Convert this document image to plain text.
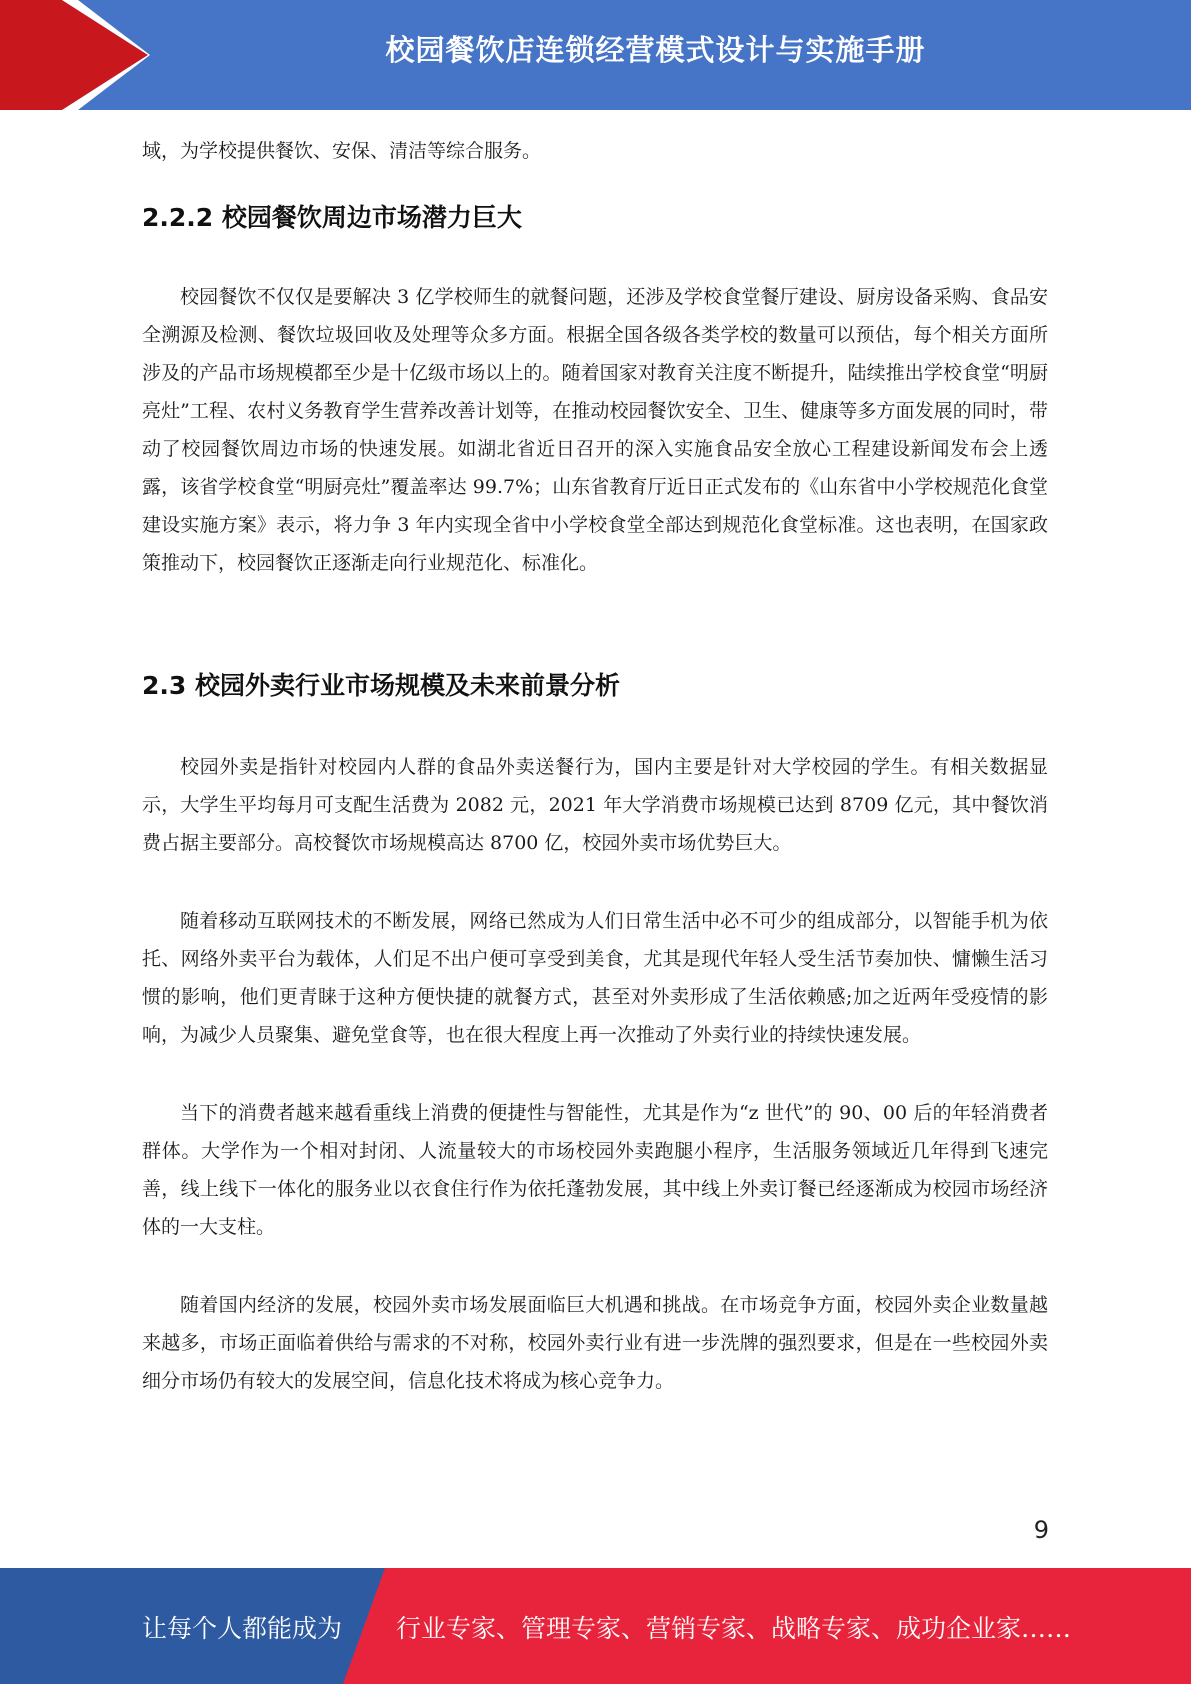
校园餐饮店连锁经营模式设计与实施手册

域，为学校提供餐饮、安保、清洁等综合服务。

2.2.2 校园餐饮周边市场潜力巨大

校园餐饮不仅仅是要解决 3 亿学校师生的就餐问题，还涉及学校食堂餐厅建设、厨房设备采购、食品安全溯源及检测、餐饮垃圾回收及处理等众多方面。根据全国各级各类学校的数量可以预估，每个相关方面所涉及的产品市场规模都至少是十亿级市场以上的。随着国家对教育关注度不断提升，陆续推出学校食堂“明厨亮灶”工程、农村义务教育学生营养改善计划等，在推动校园餐饮安全、卫生、健康等多方面发展的同时，带动了校园餐饮周边市场的快速发展。如湖北省近日召开的深入实施食品安全放心工程建设新闻发布会上透露，该省学校食堂“明厨亮灶”覆盖率达 99.7%；山东省教育厅近日正式发布的《山东省中小学校规范化食堂建设实施方案》表示，将力争 3 年内实现全省中小学校食堂全部达到规范化食堂标准。这也表明，在国家政策推动下，校园餐饮正逐渐走向行业规范化、标准化。

2.3 校园外卖行业市场规模及未来前景分析

校园外卖是指针对校园内人群的食品外卖送餐行为，国内主要是针对大学校园的学生。有相关数据显示，大学生平均每月可支配生活费为 2082 元，2021 年大学消费市场规模已达到 8709 亿元，其中餐饮消费占据主要部分。高校餐饮市场规模高达 8700 亿，校园外卖市场优势巨大。

随着移动互联网技术的不断发展，网络已然成为人们日常生活中必不可少的组成部分，以智能手机为依托、网络外卖平台为载体，人们足不出户便可享受到美食，尤其是现代年轻人受生活节奏加快、慵懒生活习惯的影响，他们更青睐于这种方便快捷的就餐方式，甚至对外卖形成了生活依赖感;加之近两年受疫情的影响，为减少人员聚集、避免堂食等，也在很大程度上再一次推动了外卖行业的持续快速发展。

当下的消费者越来越看重线上消费的便捷性与智能性，尤其是作为“z 世代”的 90、00 后的年轻消费者群体。大学作为一个相对封闭、人流量较大的市场校园外卖跑腿小程序，生活服务领域近几年得到飞速完善，线上线下一体化的服务业以衣食住行作为依托蓬勃发展，其中线上外卖订餐已经逐渐成为校园市场经济体的一大支柱。

随着国内经济的发展，校园外卖市场发展面临巨大机遇和挑战。在市场竞争方面，校园外卖企业数量越来越多，市场正面临着供给与需求的不对称，校园外卖行业有进一步洗牌的强烈要求，但是在一些校园外卖细分市场仍有较大的发展空间，信息化技术将成为核心竞争力。

9
让每个人都能成为 行业专家、管理专家、营销专家、战略专家、成功企业家……
